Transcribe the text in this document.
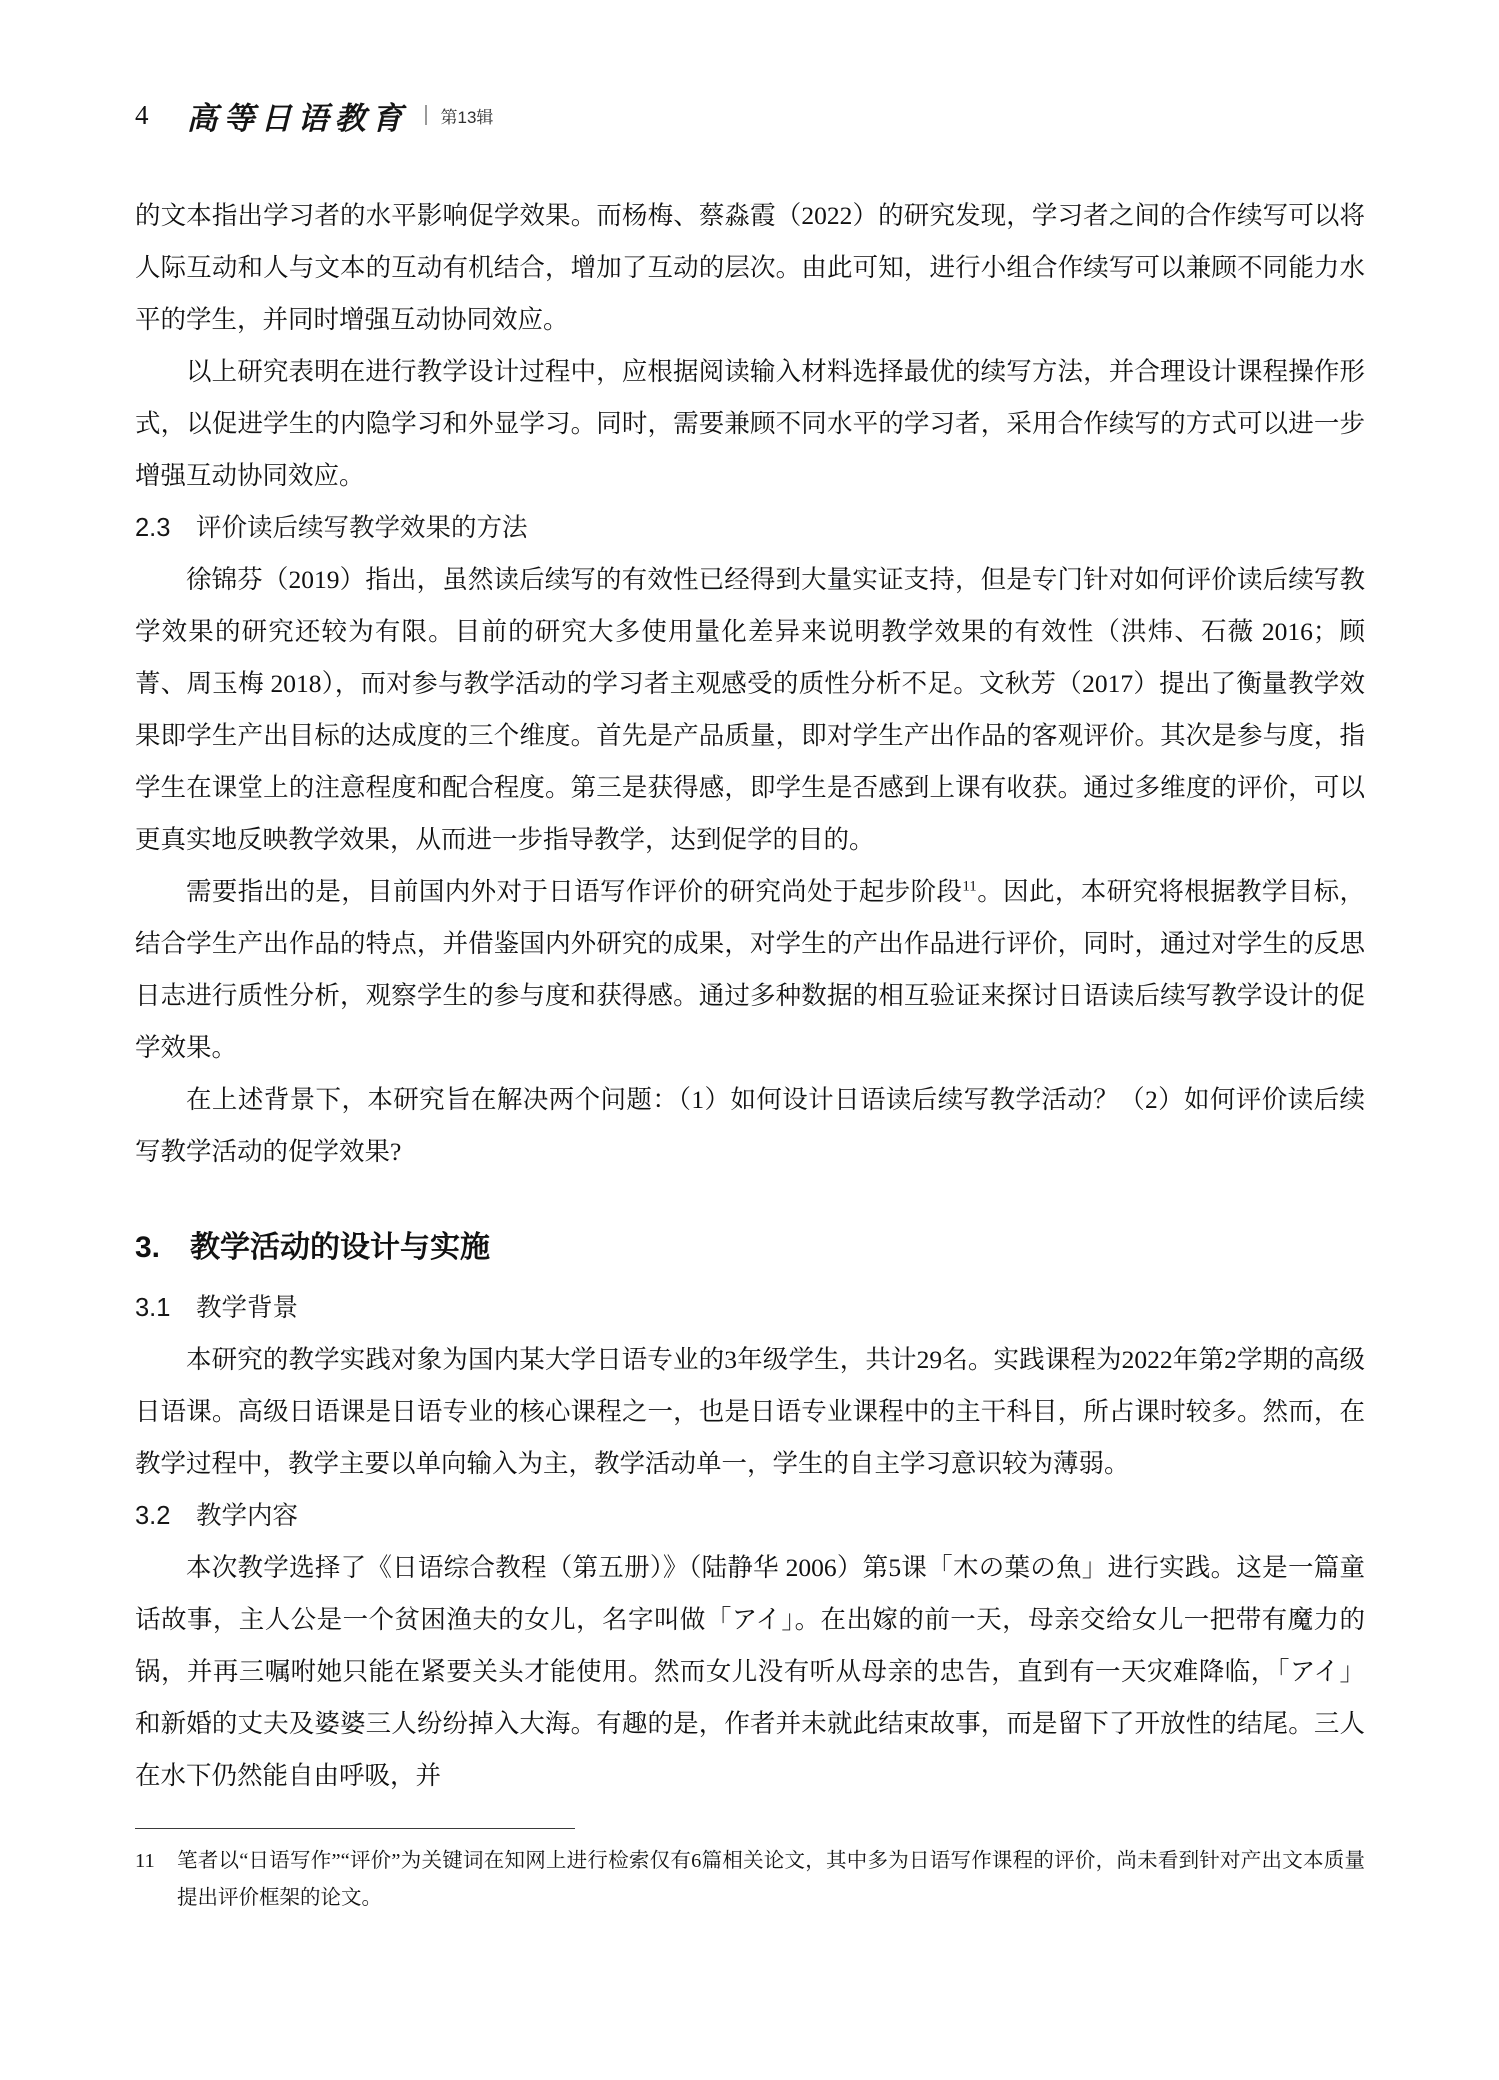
4 高等日语教育 第13辑

的文本指出学习者的水平影响促学效果。而杨梅、蔡淼霞（2022）的研究发现，学习者之间的合作续写可以将人际互动和人与文本的互动有机结合，增加了互动的层次。由此可知，进行小组合作续写可以兼顾不同能力水平的学生，并同时增强互动协同效应。

以上研究表明在进行教学设计过程中，应根据阅读输入材料选择最优的续写方法，并合理设计课程操作形式，以促进学生的内隐学习和外显学习。同时，需要兼顾不同水平的学习者，采用合作续写的方式可以进一步增强互动协同效应。

2.3　评价读后续写教学效果的方法

徐锦芬（2019）指出，虽然读后续写的有效性已经得到大量实证支持，但是专门针对如何评价读后续写教学效果的研究还较为有限。目前的研究大多使用量化差异来说明教学效果的有效性（洪炜、石薇 2016；顾菁、周玉梅 2018），而对参与教学活动的学习者主观感受的质性分析不足。文秋芳（2017）提出了衡量教学效果即学生产出目标的达成度的三个维度。首先是产品质量，即对学生产出作品的客观评价。其次是参与度，指学生在课堂上的注意程度和配合程度。第三是获得感，即学生是否感到上课有收获。通过多维度的评价，可以更真实地反映教学效果，从而进一步指导教学，达到促学的目的。

需要指出的是，目前国内外对于日语写作评价的研究尚处于起步阶段$^{11}$。因此，本研究将根据教学目标，结合学生产出作品的特点，并借鉴国内外研究的成果，对学生的产出作品进行评价，同时，通过对学生的反思日志进行质性分析，观察学生的参与度和获得感。通过多种数据的相互验证来探讨日语读后续写教学设计的促学效果。

在上述背景下，本研究旨在解决两个问题：（1）如何设计日语读后续写教学活动？（2）如何评价读后续写教学活动的促学效果?

3.　教学活动的设计与实施
3.1　教学背景

本研究的教学实践对象为国内某大学日语专业的3年级学生，共计29名。实践课程为2022年第2学期的高级日语课。高级日语课是日语专业的核心课程之一，也是日语专业课程中的主干科目，所占课时较多。然而，在教学过程中，教学主要以单向输入为主，教学活动单一，学生的自主学习意识较为薄弱。

3.2　教学内容

本次教学选择了《日语综合教程（第五册）》（陆静华 2006）第5课「木の葉の魚」进行实践。这是一篇童话故事，主人公是一个贫困渔夫的女儿，名字叫做「アイ」。在出嫁的前一天，母亲交给女儿一把带有魔力的锅，并再三嘱咐她只能在紧要关头才能使用。然而女儿没有听从母亲的忠告，直到有一天灾难降临，「アイ」和新婚的丈夫及婆婆三人纷纷掉入大海。有趣的是，作者并未就此结束故事，而是留下了开放性的结尾。三人在水下仍然能自由呼吸，并

11	笔者以“日语写作”“评价”为关键词在知网上进行检索仅有6篇相关论文，其中多为日语写作课程的评价，尚未看到针对产出文本质量提出评价框架的论文。
